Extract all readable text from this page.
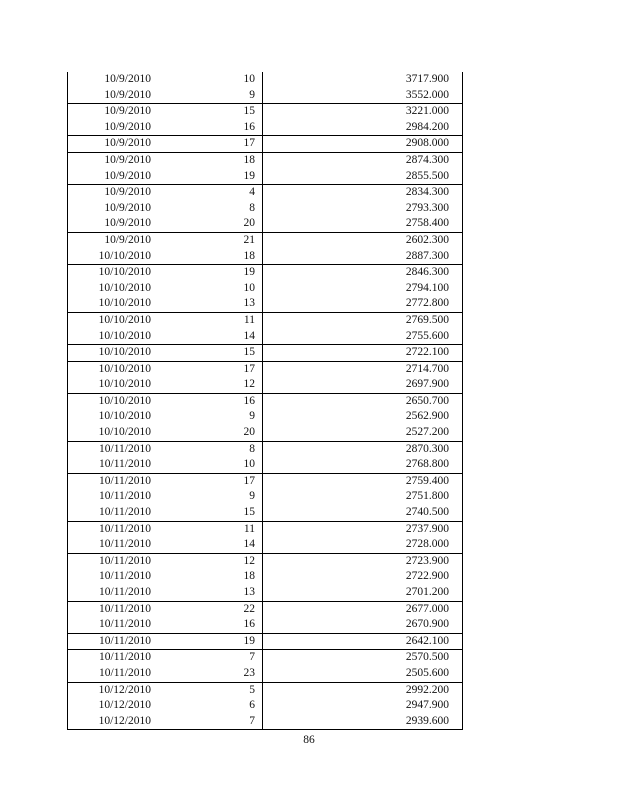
10/9/2010	10	3717.900
10/9/2010	9	3552.000
10/9/2010	15	3221.000
10/9/2010	16	2984.200
10/9/2010	17	2908.000
10/9/2010	18	2874.300
10/9/2010	19	2855.500
10/9/2010	4	2834.300
10/9/2010	8	2793.300
10/9/2010	20	2758.400
10/9/2010	21	2602.300
10/10/2010	18	2887.300
10/10/2010	19	2846.300
10/10/2010	10	2794.100
10/10/2010	13	2772.800
10/10/2010	11	2769.500
10/10/2010	14	2755.600
10/10/2010	15	2722.100
10/10/2010	17	2714.700
10/10/2010	12	2697.900
10/10/2010	16	2650.700
10/10/2010	9	2562.900
10/10/2010	20	2527.200
10/11/2010	8	2870.300
10/11/2010	10	2768.800
10/11/2010	17	2759.400
10/11/2010	9	2751.800
10/11/2010	15	2740.500
10/11/2010	11	2737.900
10/11/2010	14	2728.000
10/11/2010	12	2723.900
10/11/2010	18	2722.900
10/11/2010	13	2701.200
10/11/2010	22	2677.000
10/11/2010	16	2670.900
10/11/2010	19	2642.100
10/11/2010	7	2570.500
10/11/2010	23	2505.600
10/12/2010	5	2992.200
10/12/2010	6	2947.900
10/12/2010	7	2939.600
86
